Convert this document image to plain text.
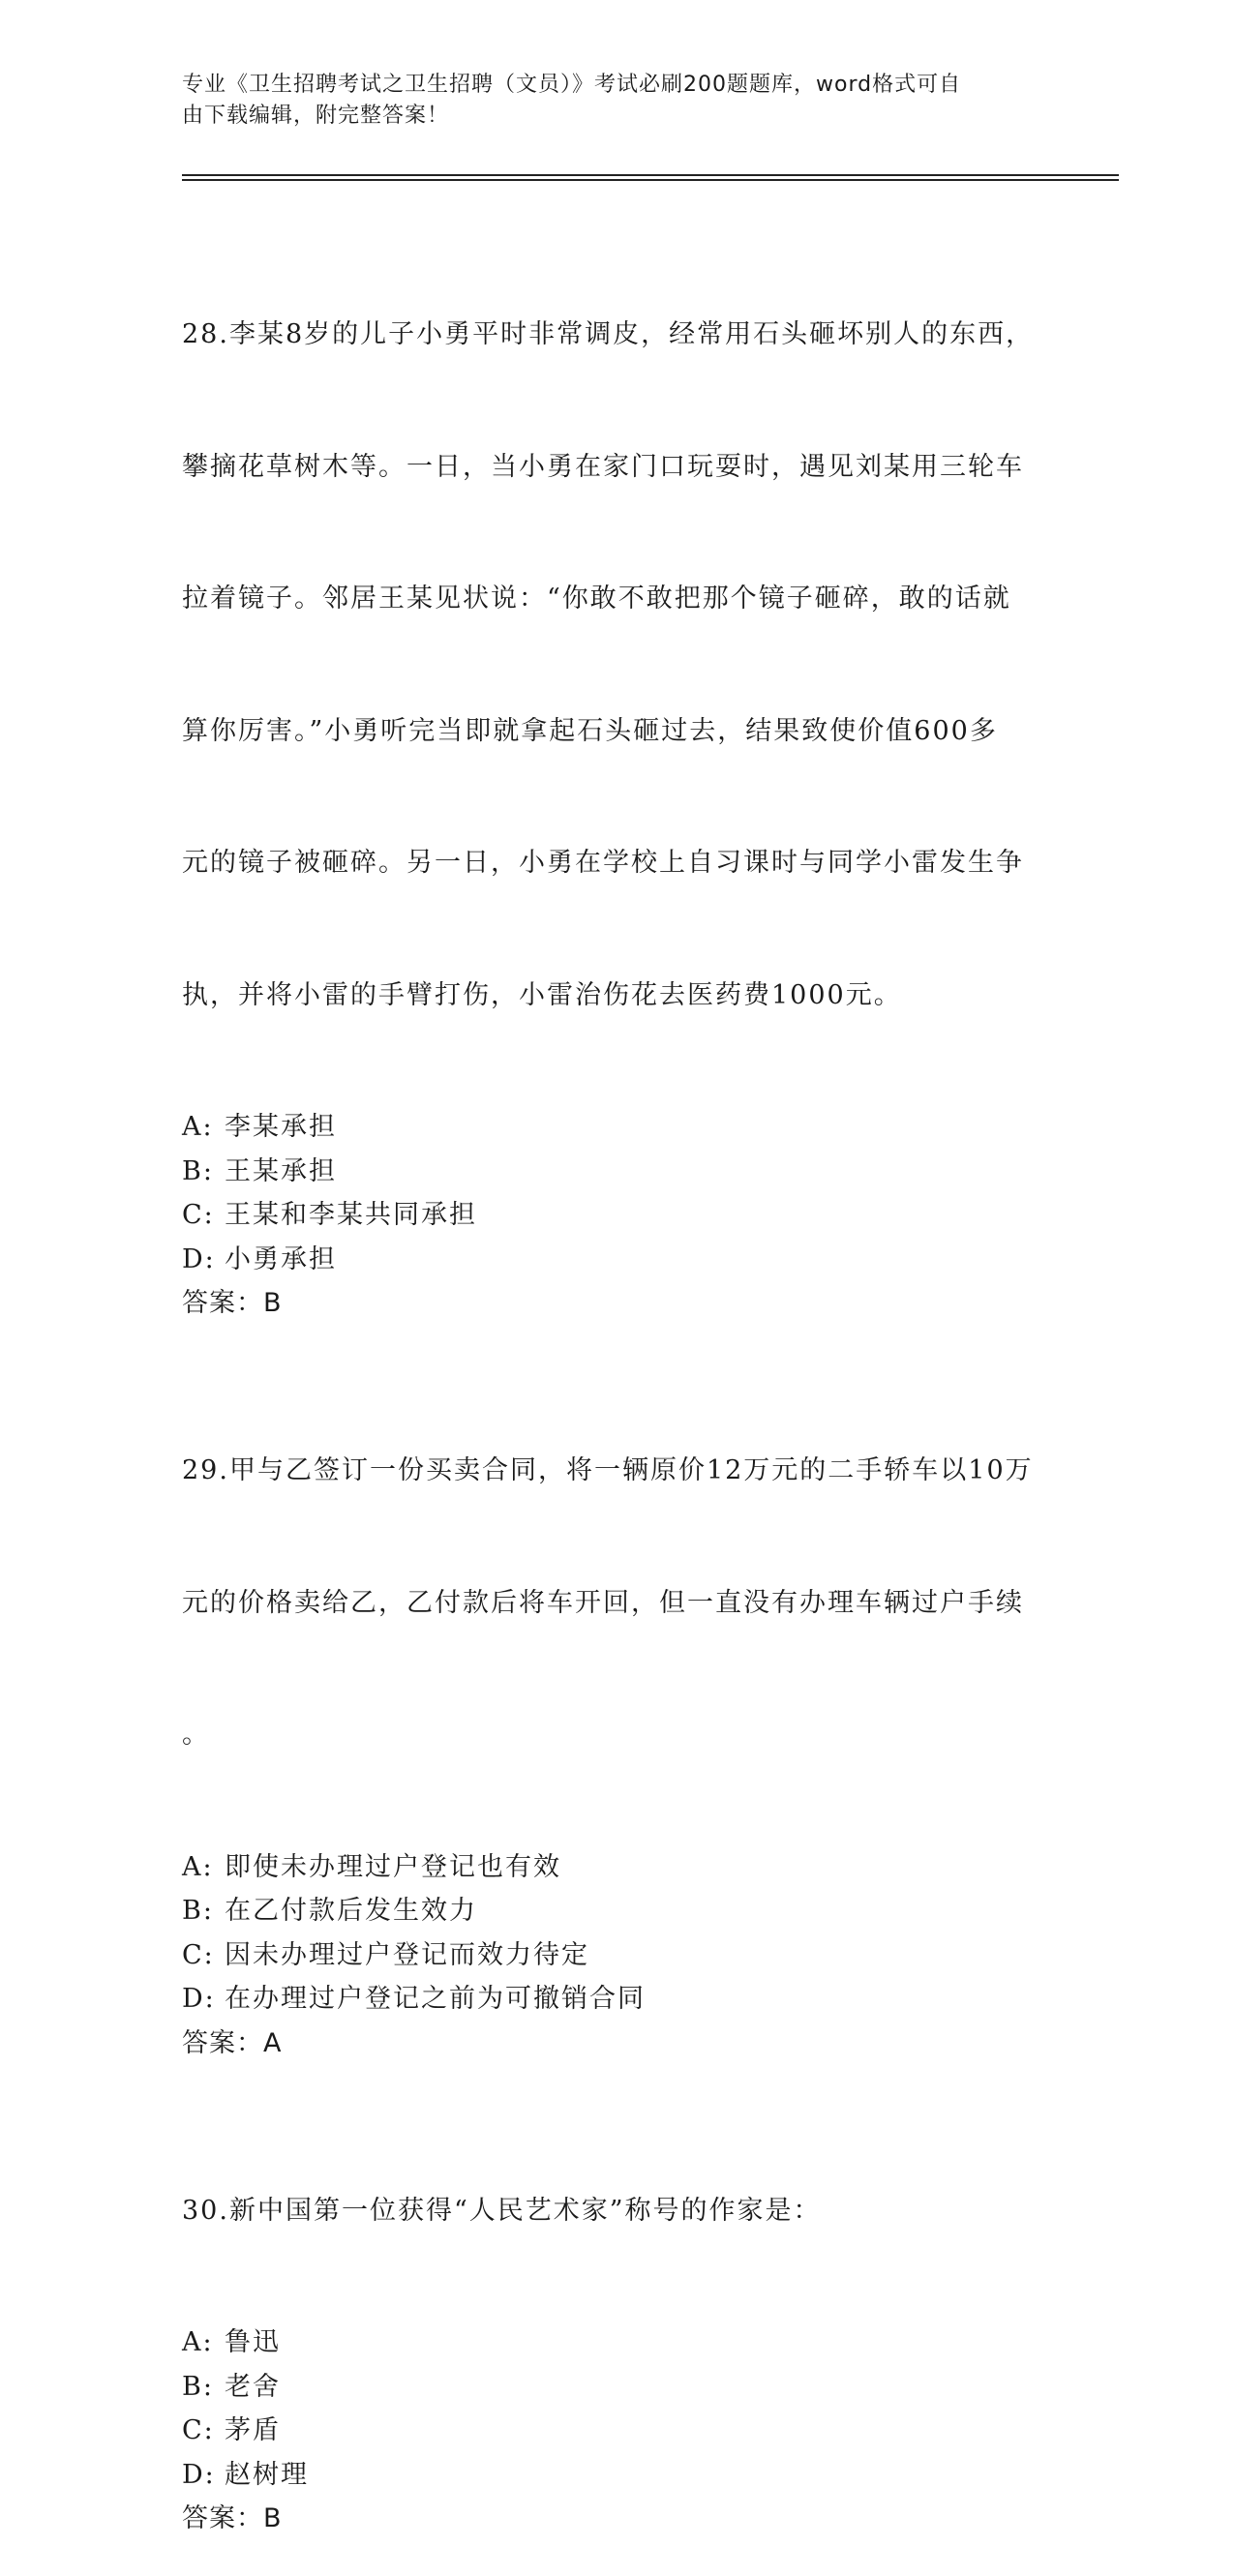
专业《卫生招聘考试之卫生招聘（文员）》考试必刷200题题库，word格式可自
由下载编辑，附完整答案！

28.李某8岁的儿子小勇平时非常调皮，经常用石头砸坏别人的东西，

攀摘花草树木等。一日，当小勇在家门口玩耍时，遇见刘某用三轮车

拉着镜子。邻居王某见状说：“你敢不敢把那个镜子砸碎，敢的话就

算你厉害。”小勇听完当即就拿起石头砸过去，结果致使价值600多

元的镜子被砸碎。另一日，小勇在学校上自习课时与同学小雷发生争

执，并将小雷的手臂打伤，小雷治伤花去医药费1000元。

A: 李某承担
B: 王某承担
C: 王某和李某共同承担
D: 小勇承担
答案：B

29.甲与乙签订一份买卖合同，将一辆原价12万元的二手轿车以10万

元的价格卖给乙，乙付款后将车开回，但一直没有办理车辆过户手续

。

A: 即使未办理过户登记也有效
B: 在乙付款后发生效力
C: 因未办理过户登记而效力待定
D: 在办理过户登记之前为可撤销合同
答案：A

30.新中国第一位获得“人民艺术家”称号的作家是：

A: 鲁迅
B: 老舍
C: 茅盾
D: 赵树理
答案：B
